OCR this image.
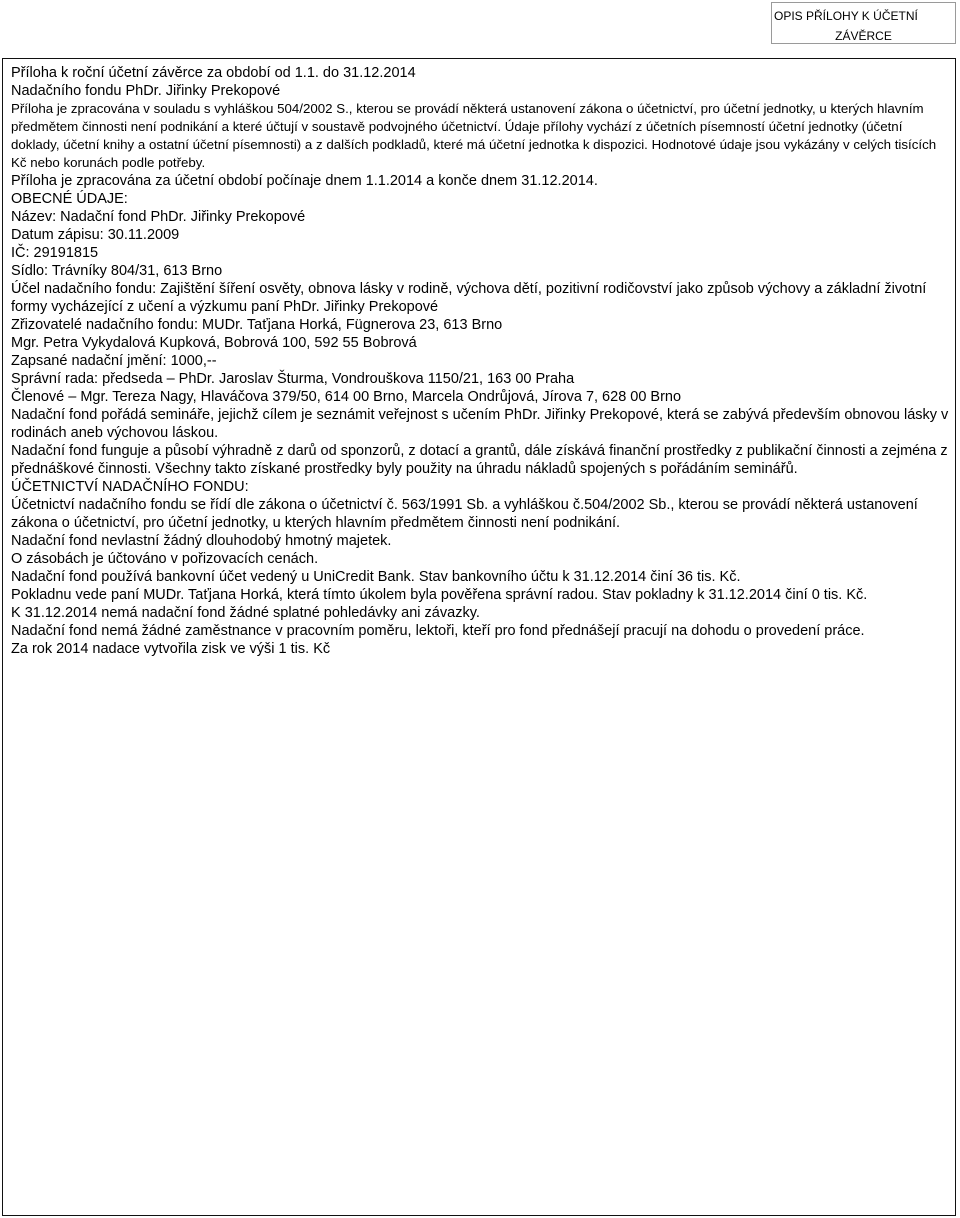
OPIS PŘÍLOHY K ÚČETNÍ
ZÁVĚRCE

Příloha k roční účetní závěrce za období od 1.1. do 31.12.2014

Nadačního fondu PhDr. Jiřinky Prekopové

Příloha je zpracována v souladu s vyhláškou 504/2002 S., kterou se provádí některá ustanovení zákona o účetnictví, pro účetní jednotky, u kterých hlavním předmětem činnosti není podnikání a které účtují v soustavě podvojného účetnictví. Údaje přílohy vychází z účetních písemností účetní jednotky (účetní doklady, účetní knihy a ostatní účetní písemnosti) a z dalších podkladů, které má účetní jednotka k dispozici. Hodnotové údaje jsou vykázány v celých tisících Kč nebo korunách podle potřeby.

Příloha je zpracována za účetní období počínaje dnem 1.1.2014 a konče dnem 31.12.2014.

OBECNÉ ÚDAJE:

Název: Nadační fond PhDr. Jiřinky Prekopové

Datum zápisu: 30.11.2009

IČ: 29191815

Sídlo: Trávníky 804/31, 613 Brno

Účel nadačního fondu: Zajištění šíření osvěty, obnova lásky v rodině, výchova dětí, pozitivní rodičovství jako způsob výchovy a základní životní formy vycházející z učení a výzkumu paní PhDr. Jiřinky Prekopové

Zřizovatelé nadačního fondu: MUDr. Taťjana Horká, Fügnerova 23, 613 Brno

Mgr. Petra Vykydalová Kupková, Bobrová 100, 592 55 Bobrová

Zapsané nadační jmění: 1000,--

Správní rada: předseda – PhDr. Jaroslav Šturma, Vondrouškova 1150/21, 163 00 Praha

Členové – Mgr. Tereza Nagy, Hlaváčova 379/50, 614 00 Brno, Marcela Ondrůjová, Jírova 7, 628 00 Brno

Nadační fond pořádá semináře, jejichž cílem je seznámit veřejnost s učením PhDr. Jiřinky Prekopové, která se zabývá především obnovou lásky v rodinách aneb výchovou láskou.

Nadační fond funguje a působí výhradně z darů od sponzorů, z dotací a grantů, dále získává finanční prostředky z publikační činnosti a zejména z přednáškové činnosti. Všechny takto získané prostředky byly použity na úhradu nákladů spojených s pořádáním seminářů.

ÚČETNICTVÍ NADAČNÍHO FONDU:

Účetnictví nadačního fondu se řídí dle zákona o účetnictví č. 563/1991 Sb. a vyhláškou č.504/2002 Sb., kterou se provádí některá ustanovení zákona o účetnictví, pro účetní jednotky, u kterých hlavním předmětem činnosti není podnikání.

Nadační fond nevlastní žádný dlouhodobý hmotný majetek.

O zásobách je účtováno v pořizovacích cenách.

Nadační fond používá bankovní účet vedený u UniCredit Bank. Stav bankovního účtu k 31.12.2014 činí 36 tis. Kč.

Pokladnu vede paní MUDr. Taťjana Horká, která tímto úkolem byla pověřena správní radou. Stav pokladny k 31.12.2014 činí 0 tis. Kč.

K 31.12.2014 nemá nadační fond žádné splatné pohledávky ani závazky.

Nadační fond nemá žádné zaměstnance v pracovním poměru, lektoři, kteří pro fond přednášejí pracují na dohodu o provedení práce.

Za rok 2014 nadace vytvořila zisk ve výši 1 tis. Kč
